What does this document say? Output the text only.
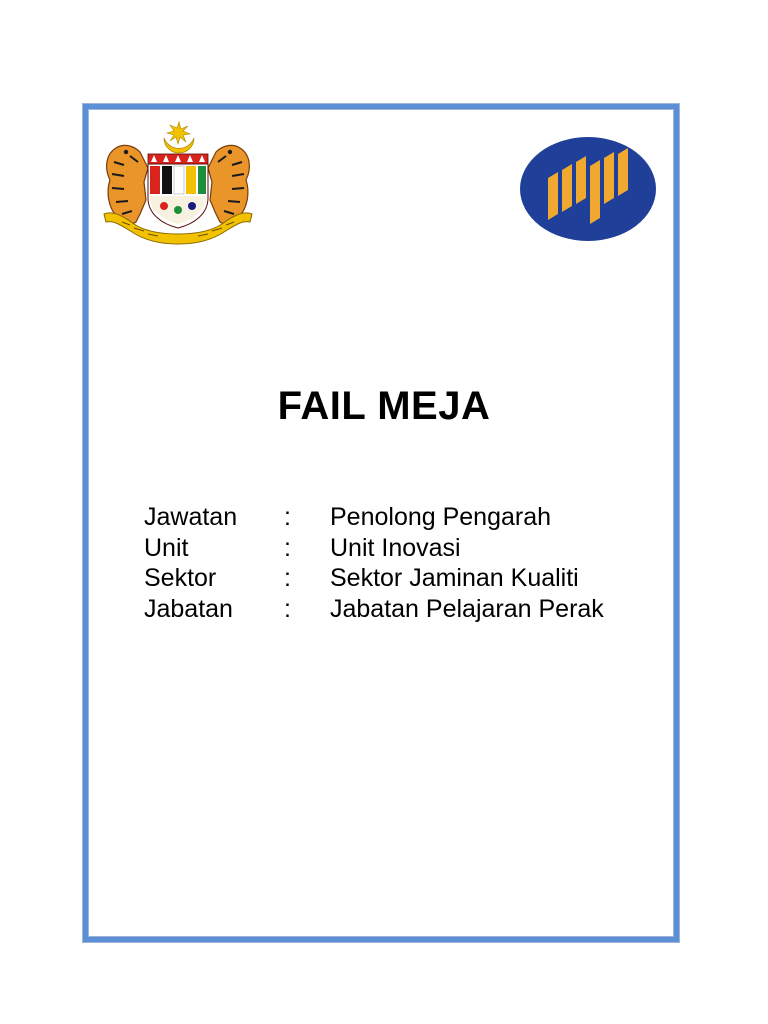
FAIL MEJA
Jawatan	:	Penolong Pengarah
Unit	:	Unit Inovasi
Sektor	:	Sektor Jaminan Kualiti
Jabatan	:	Jabatan Pelajaran Perak
